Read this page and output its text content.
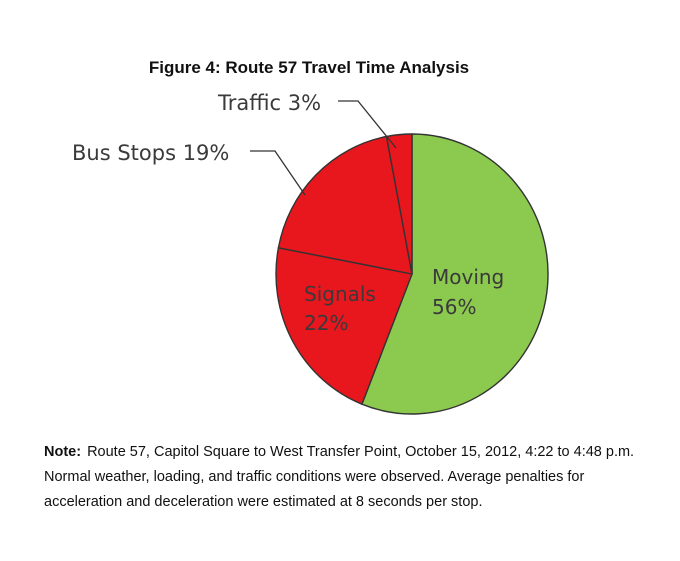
Figure 4: Route 57 Travel Time Analysis
Traffic 3%
Bus Stops 19%
Moving
56%
Signals
22%
Note: Route 57, Capitol Square to West Transfer Point, October 15, 2012, 4:22 to 4:48 p.m. Normal weather, loading, and traffic conditions were observed. Average penalties for acceleration and deceleration were estimated at 8 seconds per stop.
